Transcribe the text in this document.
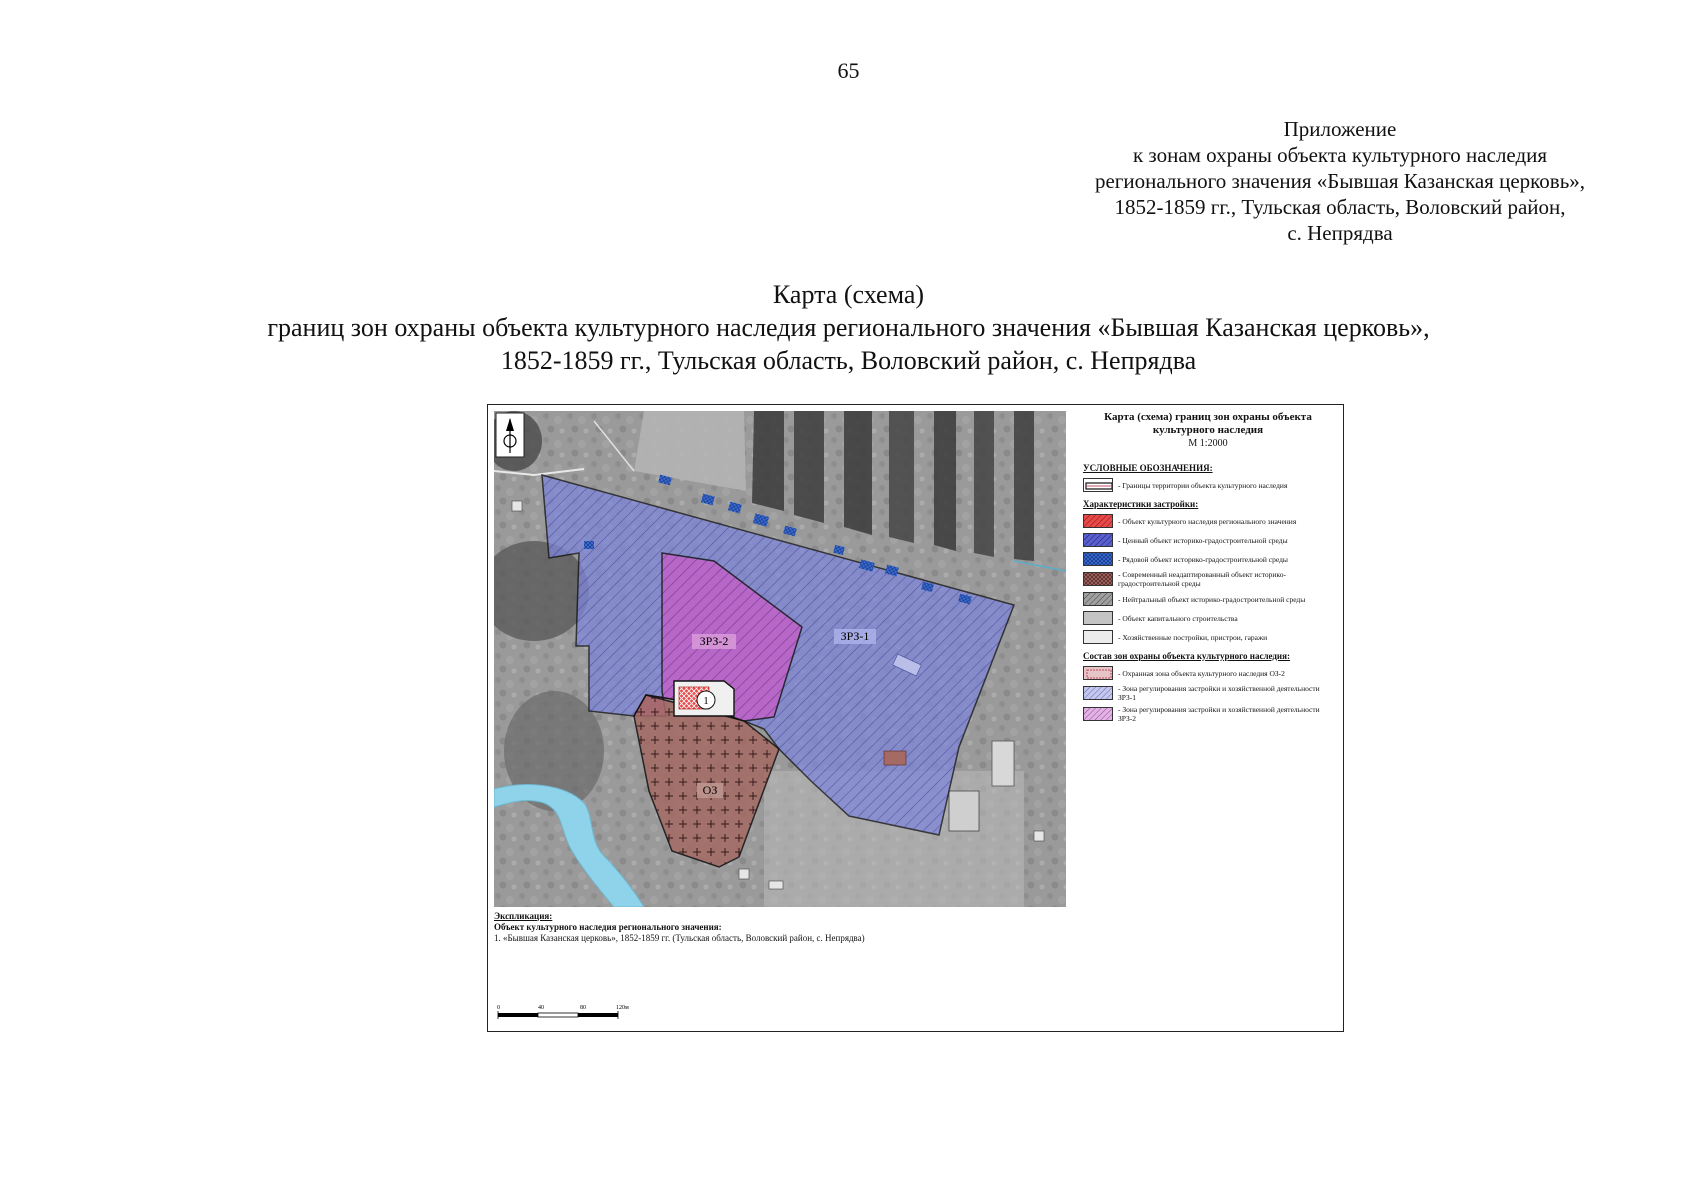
65
Приложение
к зонам охраны объекта культурного наследия
регионального значения «Бывшая Казанская церковь»,
1852-1859 гг., Тульская область, Воловский район,
с. Непрядва
Карта (схема)
границ зон охраны объекта культурного наследия регионального значения «Бывшая Казанская церковь»,
1852-1859 гг., Тульская область, Воловский район, с. Непрядва
1
ЗРЗ-2	ЗРЗ-1
ОЗ
Карта (схема) границ зон охраны объекта
культурного наследия
М 1:2000
УСЛОВНЫЕ ОБОЗНАЧЕНИЯ:
- Границы территории объекта культурного наследия
Характеристики застройки:
- Объект культурного наследия регионального значения
- Ценный объект историко-градостроительной среды
- Рядовой объект историко-градостроительной среды
- Современный неадаптированный объект историко-градостроительной среды
- Нейтральный объект историко-градостроительной среды
- Объект капитального строительства
- Хозяйственные постройки, пристрои, гаражи
Состав зон охраны объекта культурного наследия:
- Охранная зона объекта культурного наследия ОЗ-2
- Зона регулирования застройки и хозяйственной деятельности ЗРЗ-1
- Зона регулирования застройки и хозяйственной деятельности ЗРЗ-2
Экспликация:
Объект культурного наследия регионального значения:
1. «Бывшая Казанская церковь», 1852-1859 гг. (Тульская область, Воловский район, с. Непрядва)
0	40	80	120м
